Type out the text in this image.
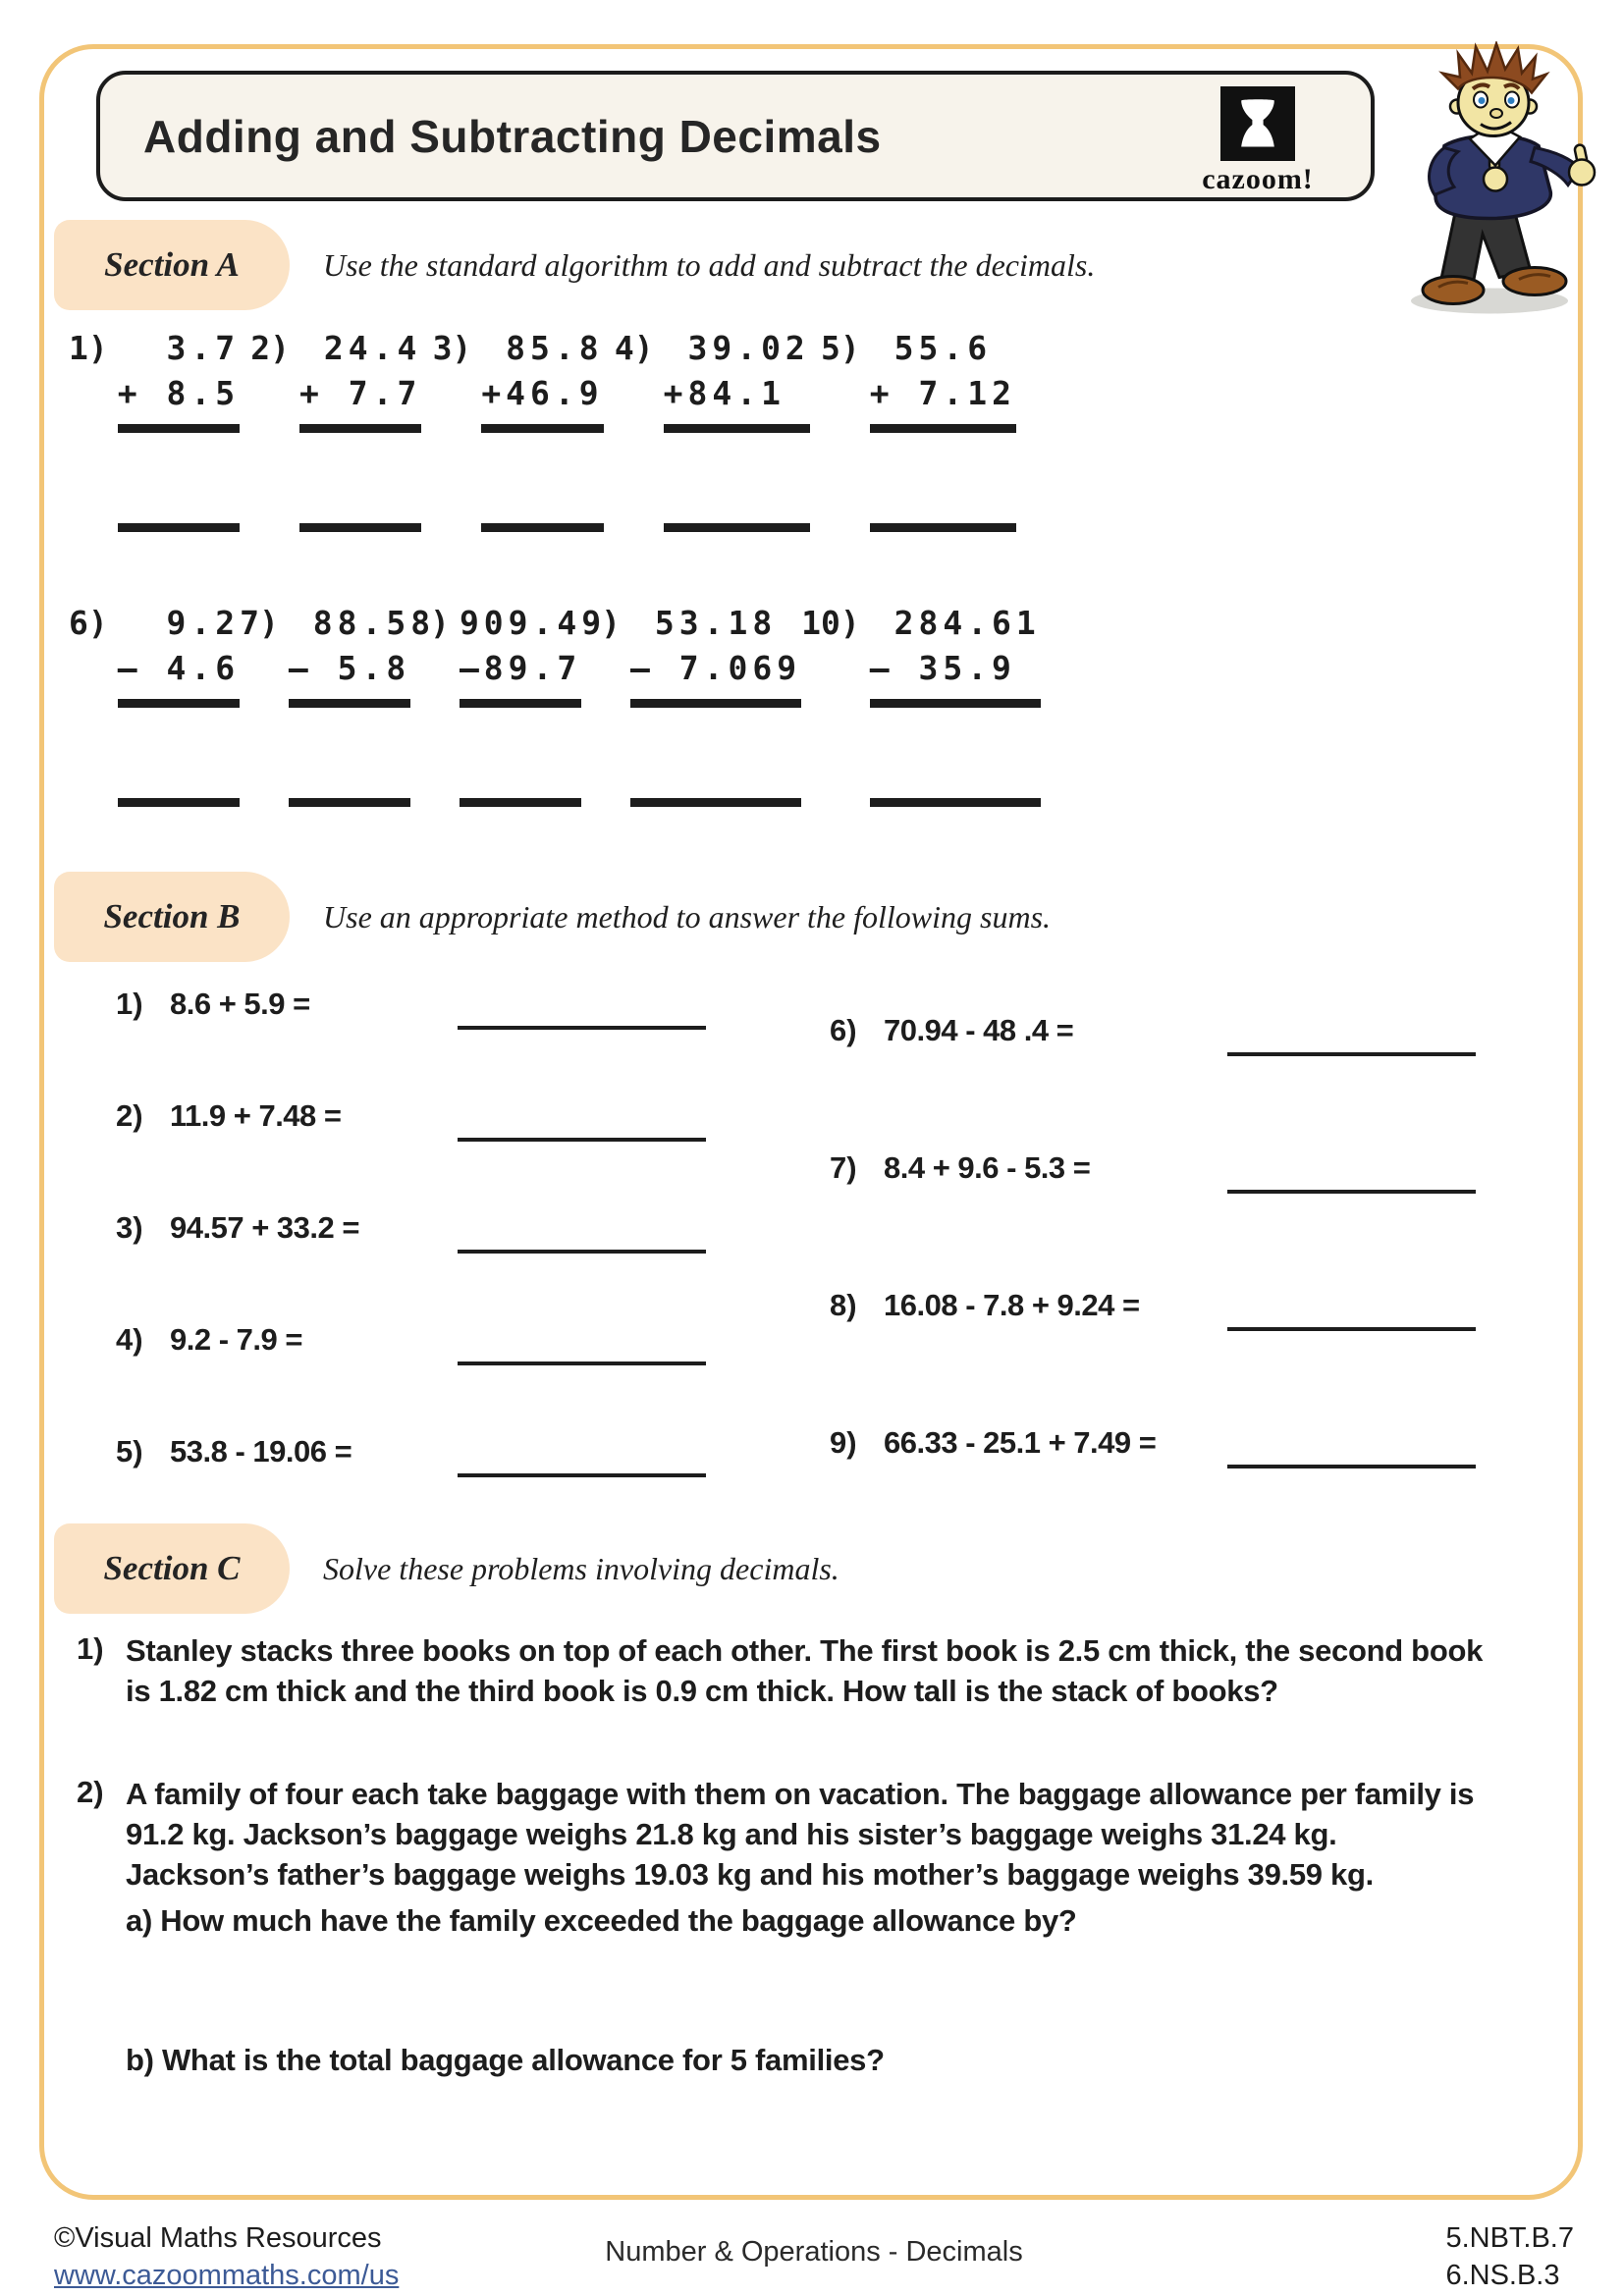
Adding and Subtracting Decimals
cazoom!
Section A	Use the standard algorithm to add and subtract the decimals.
1) 3.7
+ 8.5
2) 24.4
+ 7.7
3) 85.8
+46.9
4) 39.02
+84.1
5) 55.6
+ 7.12
6) 9.2
– 4.6
7) 88.5
– 5.8
8) 909.4
–89.7
9) 53.18
– 7.069
10) 284.61
– 35.9
Section B	Use an appropriate method to answer the following sums.
1) 8.6 + 5.9 =
2) 11.9 + 7.48 =
3) 94.57 + 33.2 =
4) 9.2 - 7.9 =
5) 53.8 - 19.06 =
6) 70.94 - 48 .4 =
7) 8.4 + 9.6 - 5.3 =
8) 16.08 - 7.8 + 9.24 =
9) 66.33 - 25.1 + 7.49 =
Section C	Solve these problems involving decimals.
1) Stanley stacks three books on top of each other. The first book is 2.5 cm thick, the second book is 1.82 cm thick and the third book is 0.9 cm thick. How tall is the stack of books?
2) A family of four each take baggage with them on vacation. The baggage allowance per family is 91.2 kg. Jackson’s baggage weighs 21.8 kg and his sister’s baggage weighs 31.24 kg. Jackson’s father’s baggage weighs 19.03 kg and his mother’s baggage weighs 39.59 kg.
a) How much have the family exceeded the baggage allowance by?
b) What is the total baggage allowance for 5 families?
©Visual Maths Resources
www.cazoommaths.com/us
Number & Operations - Decimals	5.NBT.B.7
6.NS.B.3
